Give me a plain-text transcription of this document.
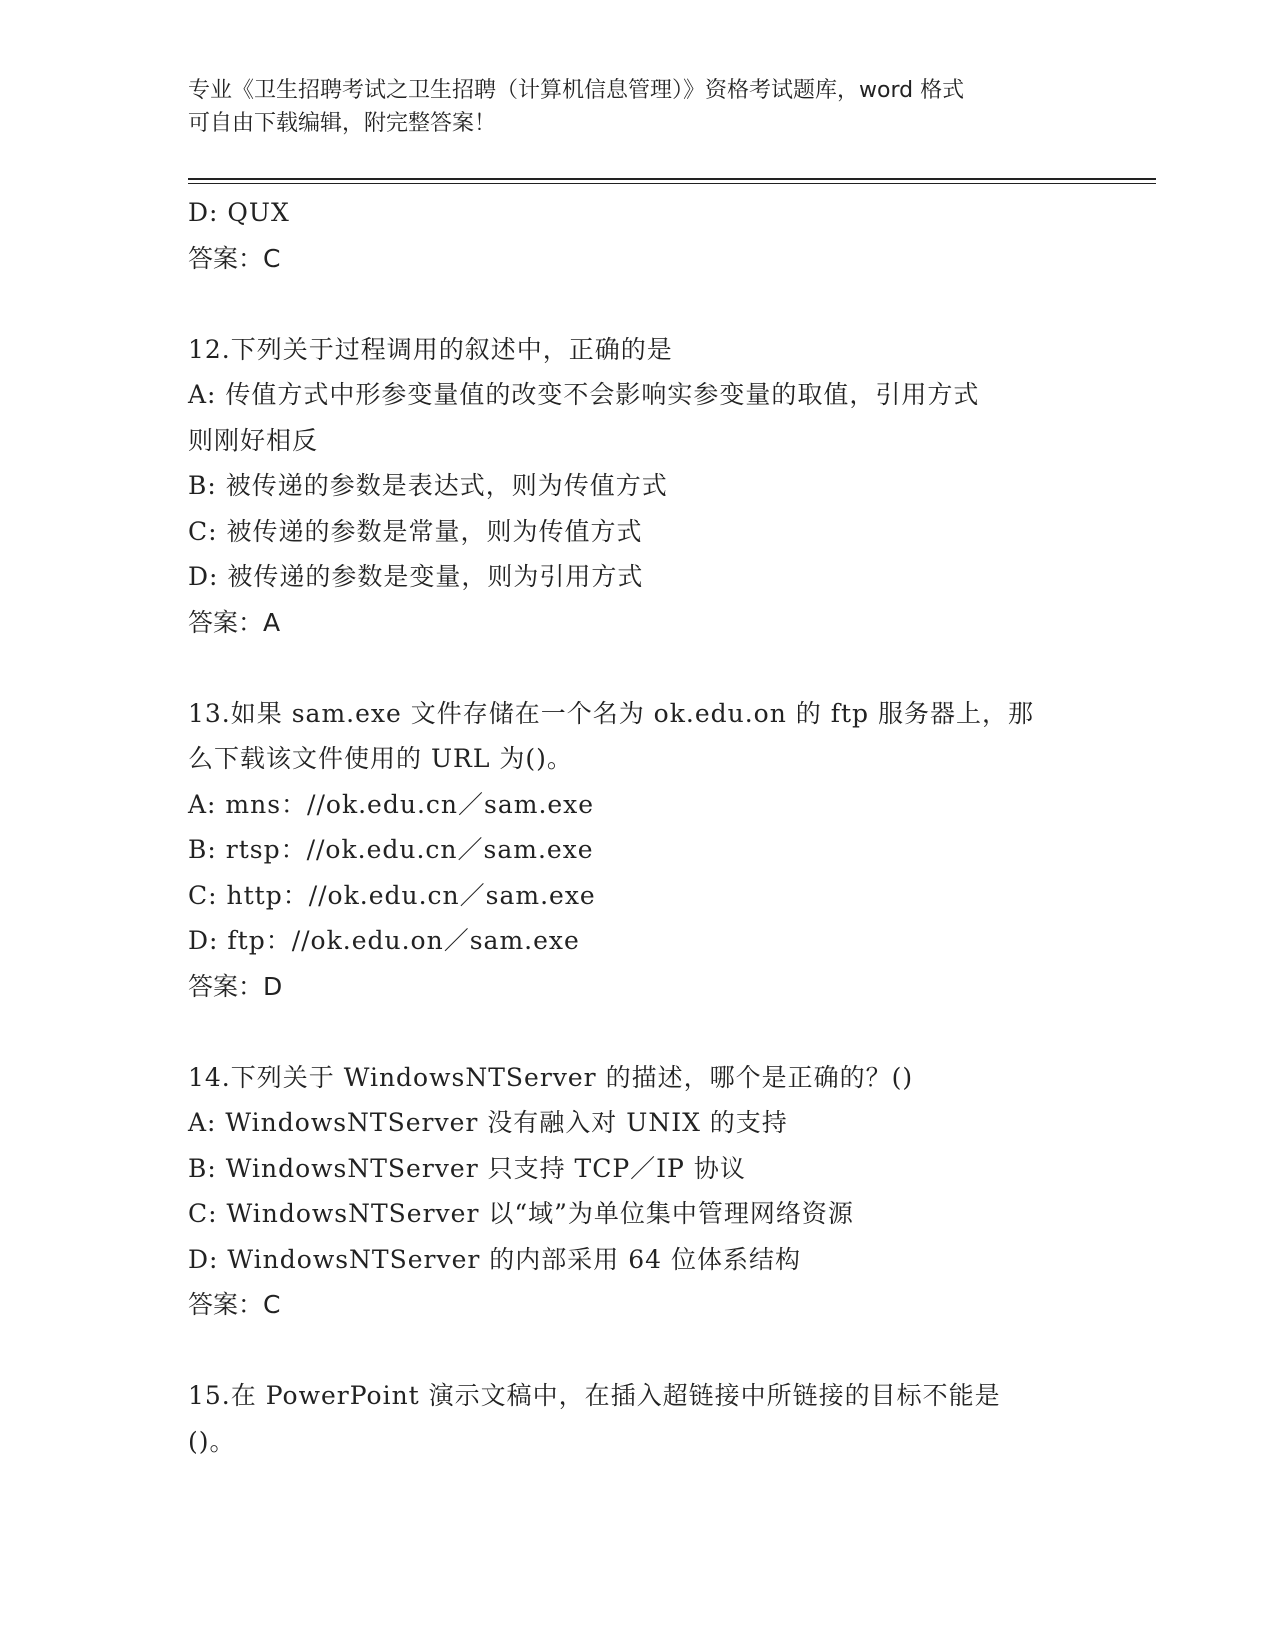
专业《卫生招聘考试之卫生招聘（计算机信息管理）》资格考试题库，word 格式
可自由下载编辑，附完整答案！
D: QUX
答案：C
12.下列关于过程调用的叙述中，正确的是
A: 传值方式中形参变量值的改变不会影响实参变量的取值，引用方式
则刚好相反
B: 被传递的参数是表达式，则为传值方式
C: 被传递的参数是常量，则为传值方式
D: 被传递的参数是变量，则为引用方式
答案：A
13.如果 sam.exe 文件存储在一个名为 ok.edu.on 的 ftp 服务器上，那
么下载该文件使用的 URL 为()。
A: mns：//ok.edu.cn／sam.exe
B: rtsp：//ok.edu.cn／sam.exe
C: http：//ok.edu.cn／sam.exe
D: ftp：//ok.edu.on／sam.exe
答案：D
14.下列关于 WindowsNTServer 的描述，哪个是正确的？()
A: WindowsNTServer 没有融入对 UNIX 的支持
B: WindowsNTServer 只支持 TCP／IP 协议
C: WindowsNTServer 以“域”为单位集中管理网络资源
D: WindowsNTServer 的内部采用 64 位体系结构
答案：C
15.在 PowerPoint 演示文稿中，在插入超链接中所链接的目标不能是
()。
